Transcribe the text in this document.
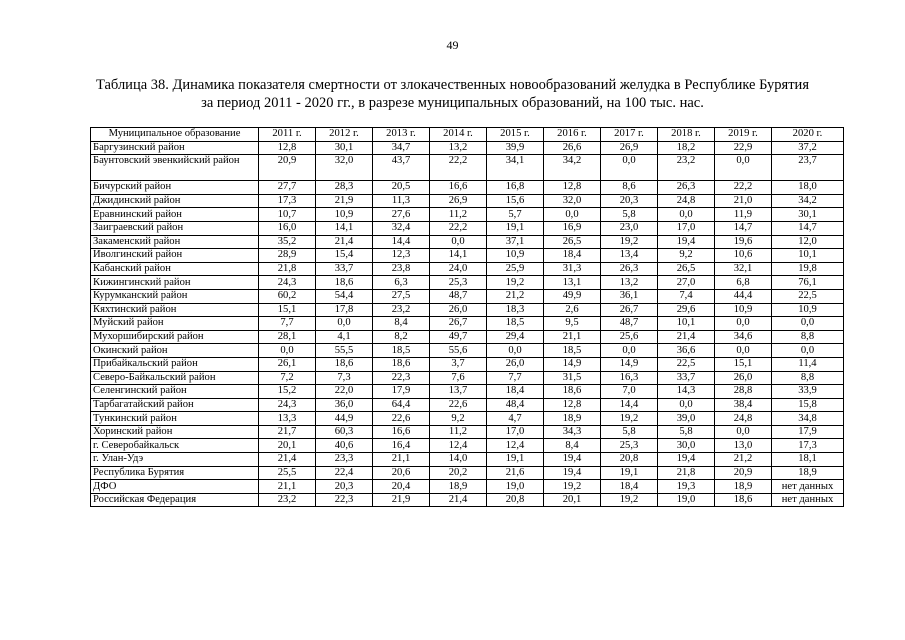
49
Таблица 38. Динамика показателя смертности от злокачественных новообразований желудка в Республике Бурятия
за период 2011 - 2020 гг., в разрезе муниципальных образований, на 100 тыс. нас.
Муниципальное образование	2011 г.	2012 г.	2013 г.	2014 г.	2015 г.	2016 г.	2017 г.	2018 г.	2019 г.	2020 г.
Баргузинский район	12,8	30,1	34,7	13,2	39,9	26,6	26,9	18,2	22,9	37,2
Баунтовский эвенкийский район	20,9	32,0	43,7	22,2	34,1	34,2	0,0	23,2	0,0	23,7
Бичурский район	27,7	28,3	20,5	16,6	16,8	12,8	8,6	26,3	22,2	18,0
Джидинский район	17,3	21,9	11,3	26,9	15,6	32,0	20,3	24,8	21,0	34,2
Еравнинский район	10,7	10,9	27,6	11,2	5,7	0,0	5,8	0,0	11,9	30,1
Заиграевский район	16,0	14,1	32,4	22,2	19,1	16,9	23,0	17,0	14,7	14,7
Закаменский район	35,2	21,4	14,4	0,0	37,1	26,5	19,2	19,4	19,6	12,0
Иволгинский район	28,9	15,4	12,3	14,1	10,9	18,4	13,4	9,2	10,6	10,1
Кабанский район	21,8	33,7	23,8	24,0	25,9	31,3	26,3	26,5	32,1	19,8
Кижингинский район	24,3	18,6	6,3	25,3	19,2	13,1	13,2	27,0	6,8	76,1
Курумканский район	60,2	54,4	27,5	48,7	21,2	49,9	36,1	7,4	44,4	22,5
Кяхтинский район	15,1	17,8	23,2	26,0	18,3	2,6	26,7	29,6	10,9	10,9
Муйский район	7,7	0,0	8,4	26,7	18,5	9,5	48,7	10,1	0,0	0,0
Мухоршибирский район	28,1	4,1	8,2	49,7	29,4	21,1	25,6	21,4	34,6	8,8
Окинский район	0,0	55,5	18,5	55,6	0,0	18,5	0,0	36,6	0,0	0,0
Прибайкальский район	26,1	18,6	18,6	3,7	26,0	14,9	14,9	22,5	15,1	11,4
Северо-Байкальский район	7,2	7,3	22,3	7,6	7,7	31,5	16,3	33,7	26,0	8,8
Селенгинский район	15,2	22,0	17,9	13,7	18,4	18,6	7,0	14,3	28,8	33,9
Тарбагатайский район	24,3	36,0	64,4	22,6	48,4	12,8	14,4	0,0	38,4	15,8
Тункинский район	13,3	44,9	22,6	9,2	4,7	18,9	19,2	39,0	24,8	34,8
Хоринский район	21,7	60,3	16,6	11,2	17,0	34,3	5,8	5,8	0,0	17,9
г. Северобайкальск	20,1	40,6	16,4	12,4	12,4	8,4	25,3	30,0	13,0	17,3
г. Улан-Удэ	21,4	23,3	21,1	14,0	19,1	19,4	20,8	19,4	21,2	18,1
Республика Бурятия	25,5	22,4	20,6	20,2	21,6	19,4	19,1	21,8	20,9	18,9
ДФО	21,1	20,3	20,4	18,9	19,0	19,2	18,4	19,3	18,9	нет данных
Российская Федерация	23,2	22,3	21,9	21,4	20,8	20,1	19,2	19,0	18,6	нет данных
